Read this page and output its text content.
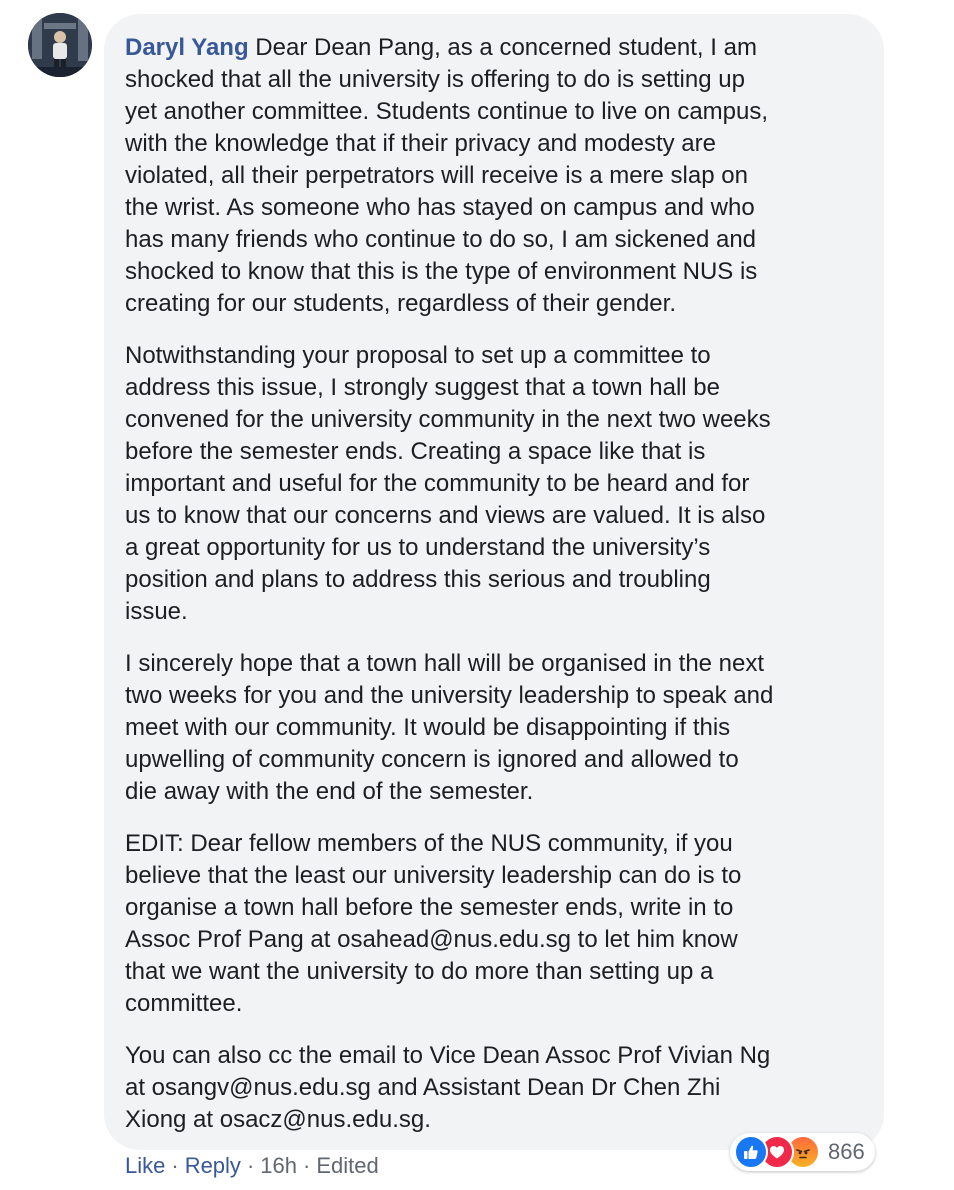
Daryl Yang Dear Dean Pang, as a concerned student, I am
shocked that all the university is offering to do is setting up
yet another committee. Students continue to live on campus,
with the knowledge that if their privacy and modesty are
violated, all their perpetrators will receive is a mere slap on
the wrist. As someone who has stayed on campus and who
has many friends who continue to do so, I am sickened and
shocked to know that this is the type of environment NUS is
creating for our students, regardless of their gender.

Notwithstanding your proposal to set up a committee to
address this issue, I strongly suggest that a town hall be
convened for the university community in the next two weeks
before the semester ends. Creating a space like that is
important and useful for the community to be heard and for
us to know that our concerns and views are valued. It is also
a great opportunity for us to understand the university’s
position and plans to address this serious and troubling
issue.

I sincerely hope that a town hall will be organised in the next
two weeks for you and the university leadership to speak and
meet with our community. It would be disappointing if this
upwelling of community concern is ignored and allowed to
die away with the end of the semester.

EDIT: Dear fellow members of the NUS community, if you
believe that the least our university leadership can do is to
organise a town hall before the semester ends, write in to
Assoc Prof Pang at osahead@nus.edu.sg to let him know
that we want the university to do more than setting up a
committee.

You can also cc the email to Vice Dean Assoc Prof Vivian Ng
at osangv@nus.edu.sg and Assistant Dean Dr Chen Zhi
Xiong at osacz@nus.edu.sg.

866
Like · Reply · 16h · Edited
